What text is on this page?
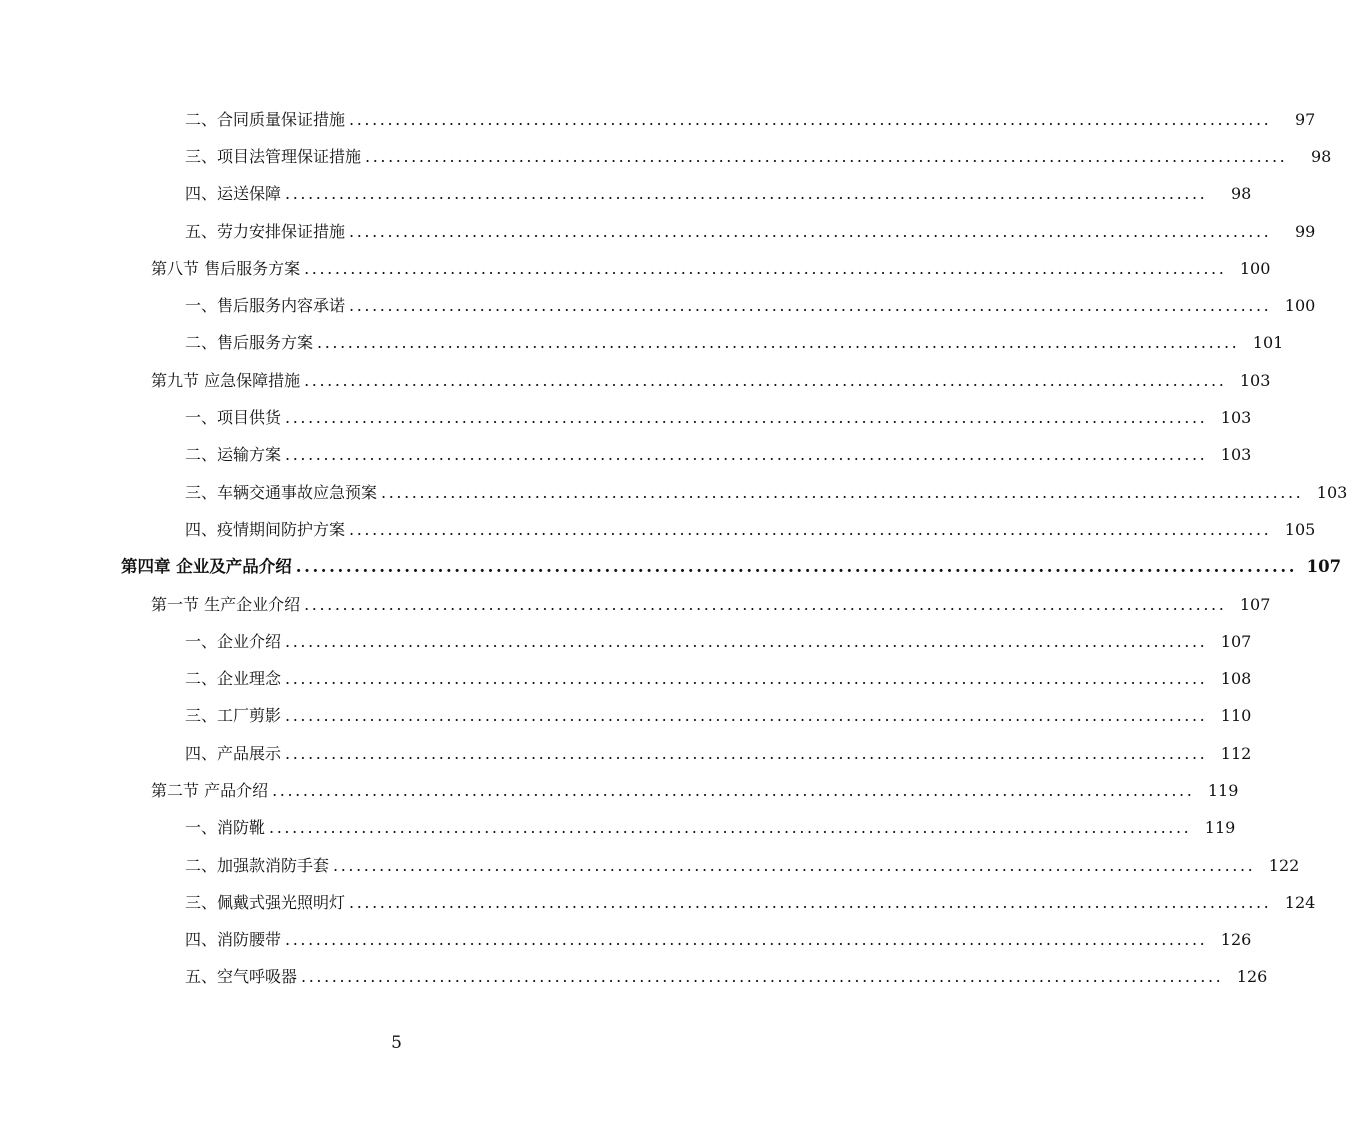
二、合同质量保证措施 ........................................................................................................................	97
三、项目法管理保证措施 ........................................................................................................................	98
四、运送保障 ........................................................................................................................	98
五、劳力安排保证措施 ........................................................................................................................	99
第八节 售后服务方案 ........................................................................................................................ 100
一、售后服务内容承诺 ........................................................................................................................ 100
二、售后服务方案 ........................................................................................................................ 101
第九节 应急保障措施 ........................................................................................................................ 103
一、项目供货 ........................................................................................................................ 103
二、运输方案 ........................................................................................................................ 103
三、车辆交通事故应急预案 ........................................................................................................................ 103
四、疫情期间防护方案 ........................................................................................................................ 105
第四章 企业及产品介绍 ........................................................................................................................ 107
第一节 生产企业介绍 ........................................................................................................................ 107
一、企业介绍 ........................................................................................................................ 107
二、企业理念 ........................................................................................................................ 108
三、工厂剪影 ........................................................................................................................ 110
四、产品展示 ........................................................................................................................ 112
第二节 产品介绍 ........................................................................................................................ 119
一、消防靴 ........................................................................................................................ 119
二、加强款消防手套 ........................................................................................................................ 122
三、佩戴式强光照明灯 ........................................................................................................................ 124
四、消防腰带 ........................................................................................................................ 126
五、空气呼吸器 ........................................................................................................................ 126
5
